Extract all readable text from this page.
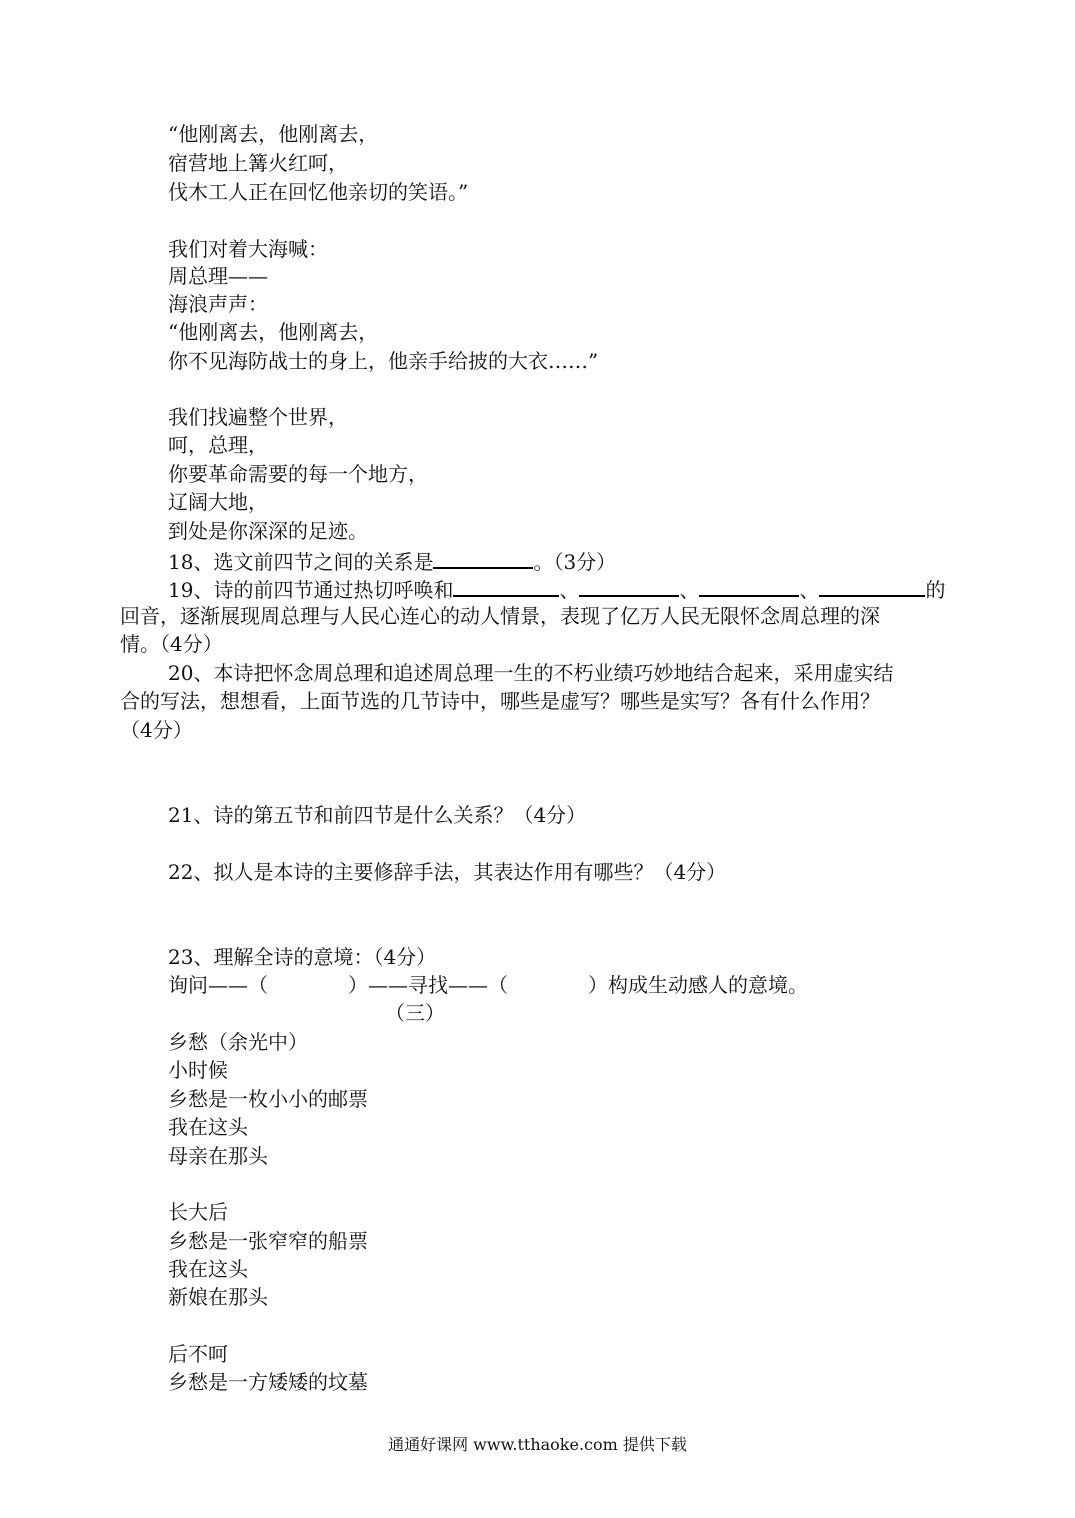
“他刚离去，他刚离去，
宿营地上篝火红呵，
伐木工人正在回忆他亲切的笑语。”
我们对着大海喊：
周总理——
海浪声声：
“他刚离去，他刚离去，
你不见海防战士的身上，他亲手给披的大衣……”
我们找遍整个世界，
呵，总理，
你要革命需要的每一个地方，
辽阔大地，
到处是你深深的足迹。
18、选文前四节之间的关系是	。（3分）
19、诗的前四节通过热切呼唤和	、	、	、	的
回音，逐渐展现周总理与人民心连心的动人情景，表现了亿万人民无限怀念周总理的深
情。（4分）
20、本诗把怀念周总理和追述周总理一生的不朽业绩巧妙地结合起来，采用虚实结
合的写法，想想看，上面节选的几节诗中，哪些是虚写？哪些是实写？各有什么作用？
（4分）
21、诗的第五节和前四节是什么关系？（4分）
22、拟人是本诗的主要修辞手法，其表达作用有哪些？（4分）
23、理解全诗的意境：（4分）
询问——（　　　　）——寻找——（　　　　）构成生动感人的意境。
（三）
乡愁（余光中）
小时候
乡愁是一枚小小的邮票
我在这头
母亲在那头
长大后
乡愁是一张窄窄的船票
我在这头
新娘在那头
后不呵
乡愁是一方矮矮的坟墓
通通好课网 www.tthaoke.com 提供下载
